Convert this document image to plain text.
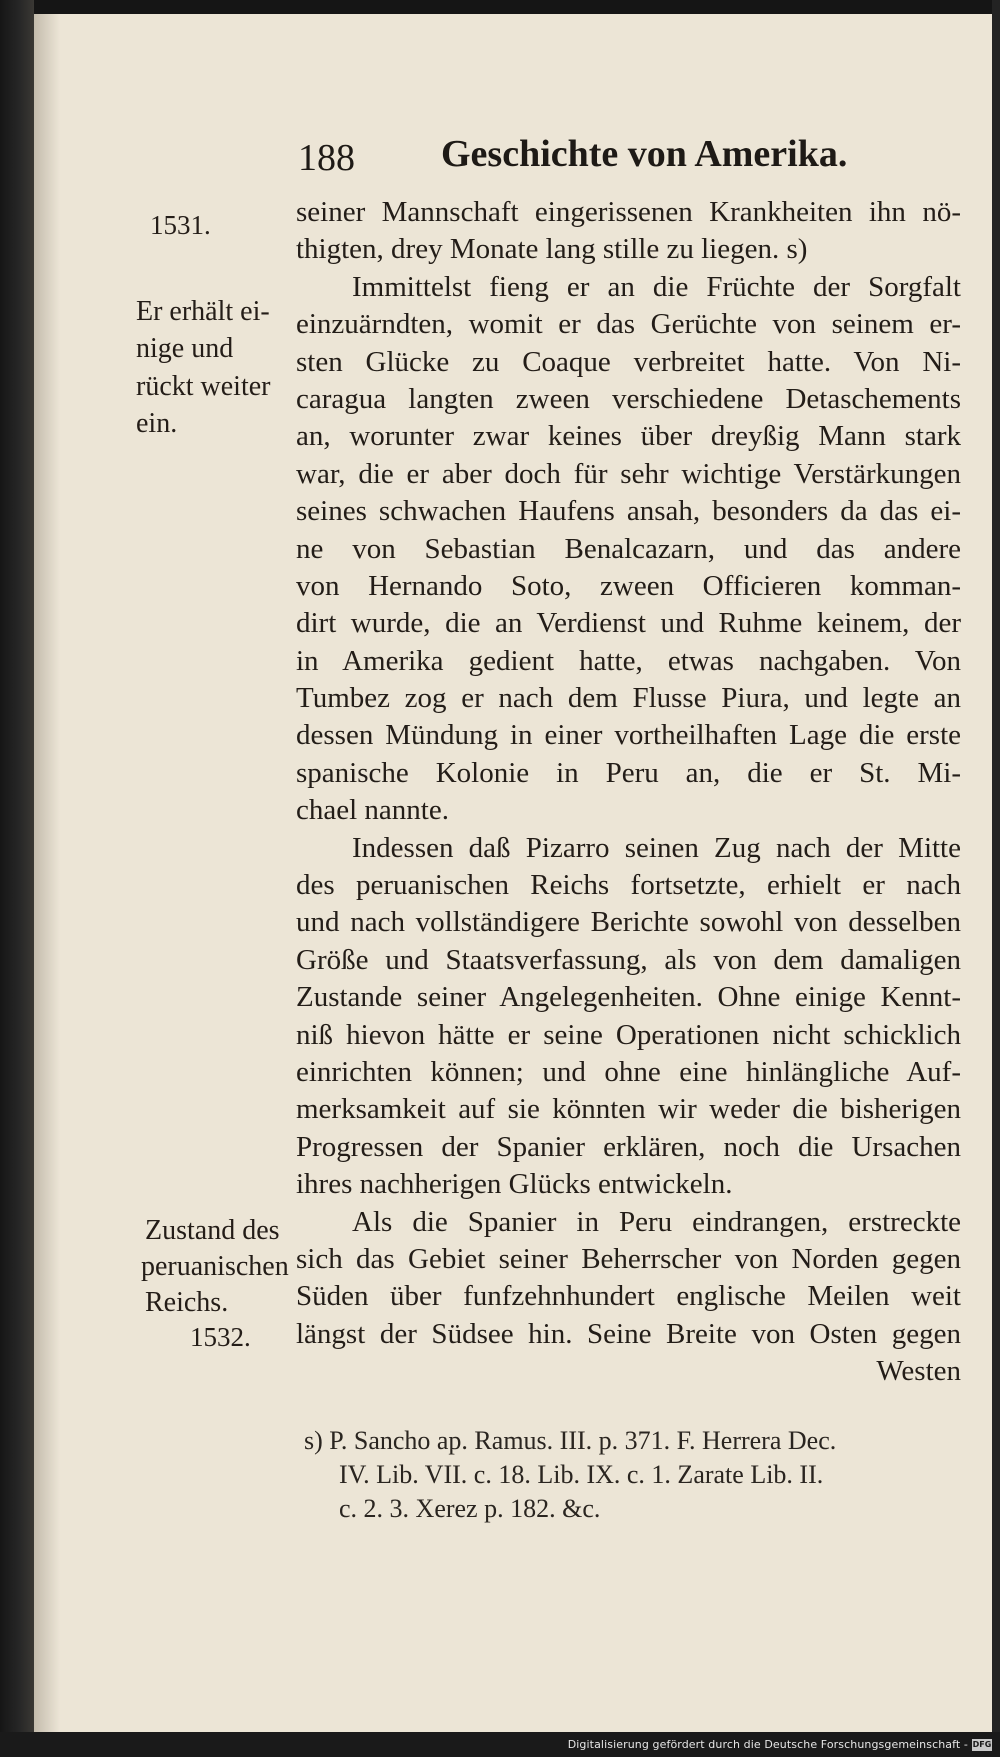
188 Geschichte von Amerika.
1531.
Er erhält ei-
nige und
rückt weiter
ein.
Zustand des
peruanischen
Reichs.
1532.
seiner Mannschaft eingerissenen Krankheiten ihn nö-
thigten, drey Monate lang stille zu liegen. s)
Immittelst fieng er an die Früchte der Sorgfalt
einzuärndten, womit er das Gerüchte von seinem er-
sten Glücke zu Coaque verbreitet hatte. Von Ni-
caragua langten zween verschiedene Detaschements
an, worunter zwar keines über dreyßig Mann stark
war, die er aber doch für sehr wichtige Verstärkungen
seines schwachen Haufens ansah, besonders da das ei-
ne von Sebastian Benalcazarn, und das andere
von Hernando Soto, zween Officieren komman-
dirt wurde, die an Verdienst und Ruhme keinem, der
in Amerika gedient hatte, etwas nachgaben. Von
Tumbez zog er nach dem Flusse Piura, und legte an
dessen Mündung in einer vortheilhaften Lage die erste
spanische Kolonie in Peru an, die er St. Mi-
chael nannte.
Indessen daß Pizarro seinen Zug nach der Mitte
des peruanischen Reichs fortsetzte, erhielt er nach
und nach vollständigere Berichte sowohl von desselben
Größe und Staatsverfassung, als von dem damaligen
Zustande seiner Angelegenheiten. Ohne einige Kennt-
niß hievon hätte er seine Operationen nicht schicklich
einrichten können; und ohne eine hinlängliche Auf-
merksamkeit auf sie könnten wir weder die bisherigen
Progressen der Spanier erklären, noch die Ursachen
ihres nachherigen Glücks entwickeln.
Als die Spanier in Peru eindrangen, erstreckte
sich das Gebiet seiner Beherrscher von Norden gegen
Süden über funfzehnhundert englische Meilen weit
längst der Südsee hin. Seine Breite von Osten gegen
Westen
s) P. Sancho ap. Ramus. III. p. 371. F. Herrera Dec.
IV. Lib. VII. c. 18. Lib. IX. c. 1. Zarate Lib. II.
c. 2. 3. Xerez p. 182. &c.
Digitalisierung gefördert durch die Deutsche Forschungsgemeinschaft - DFG
